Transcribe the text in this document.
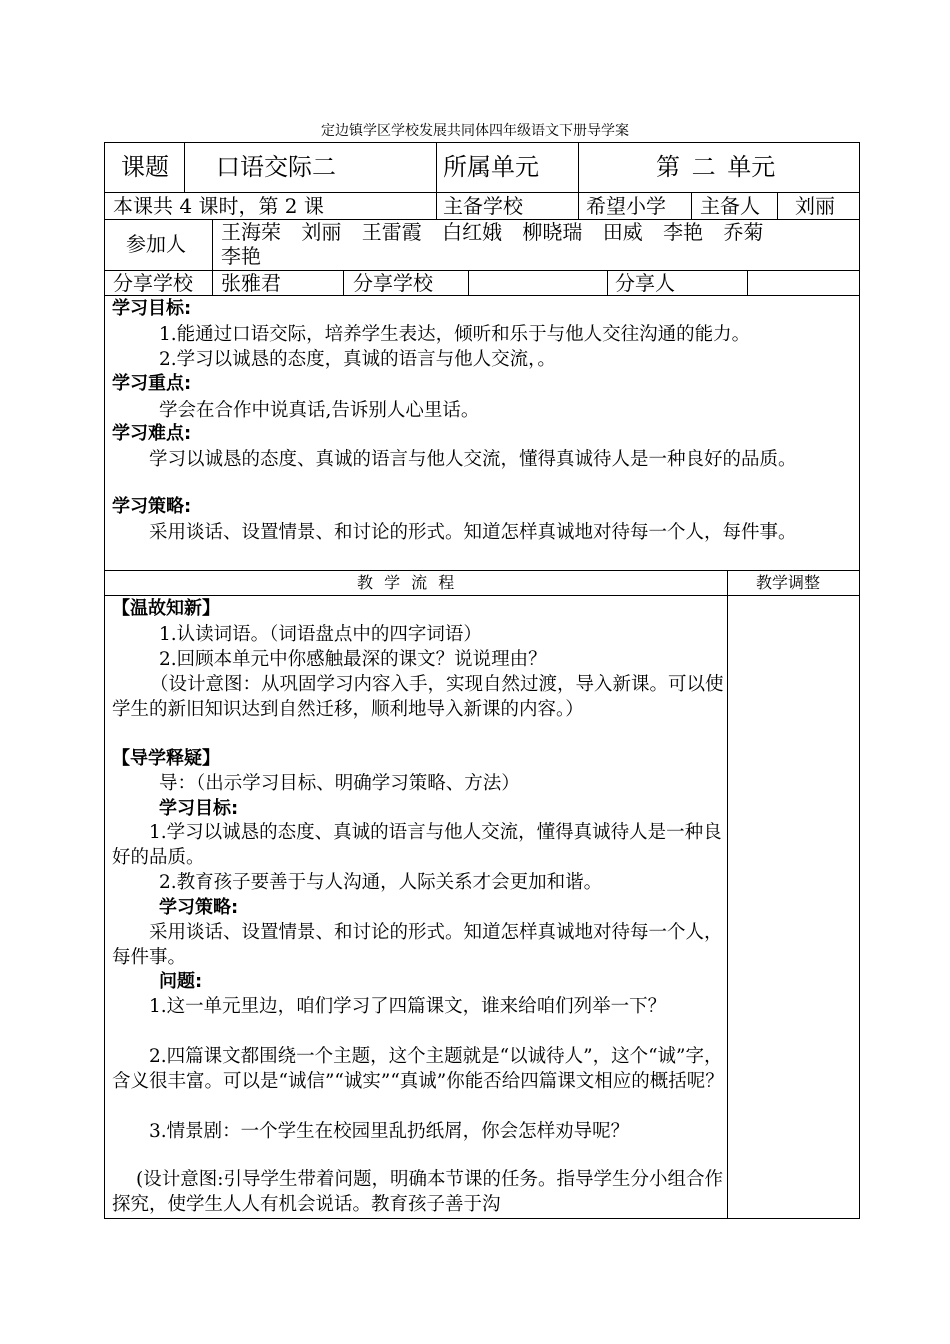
定边镇学区学校发展共同体四年级语文下册导学案
课题 口语交际二	所属单元	第 二 单元
本课共 4 课时，第 2 课	主备学校	希望小学 主备人 刘丽
参加人 王海荣 刘丽 王雷霞 白红娥 柳晓瑞 田威 李艳 乔菊
李艳
分享学校 张雅君	分享学校	分享人
学习目标:
1.能通过口语交际，培养学生表达，倾听和乐于与他人交往沟通的能力。
2.学习以诚恳的态度，真诚的语言与他人交流，。
学习重点:
学会在合作中说真话,告诉别人心里话。
学习难点:
学习以诚恳的态度、真诚的语言与他人交流，懂得真诚待人是一种良好的品质。
学习策略:
采用谈话、设置情景、和讨论的形式。知道怎样真诚地对待每一个人，每件事。
教 学 流 程	教学调整
【温故知新】
1.认读词语。（词语盘点中的四字词语）
2.回顾本单元中你感触最深的课文？说说理由？
（设计意图：从巩固学习内容入手，实现自然过渡，导入新课。可以使学生的新旧知识达到自然迁移，顺利地导入新课的内容。）
【导学释疑】
导：（出示学习目标、明确学习策略、方法）
学习目标:
1.学习以诚恳的态度、真诚的语言与他人交流，懂得真诚待人是一种良好的品质。
2.教育孩子要善于与人沟通，人际关系才会更加和谐。
学习策略:
采用谈话、设置情景、和讨论的形式。知道怎样真诚地对待每一个人，每件事。
问题:
1.这一单元里边，咱们学习了四篇课文，谁来给咱们列举一下？
2.四篇课文都围绕一个主题，这个主题就是“以诚待人”，这个“诚”字，含义很丰富。可以是“诚信”“诚实”“真诚”你能否给四篇课文相应的概括呢？
3.情景剧：一个学生在校园里乱扔纸屑，你会怎样劝导呢？
(设计意图:引导学生带着问题，明确本节课的任务。指导学生分小组合作探究，使学生人人有机会说话。教育孩子善于沟
